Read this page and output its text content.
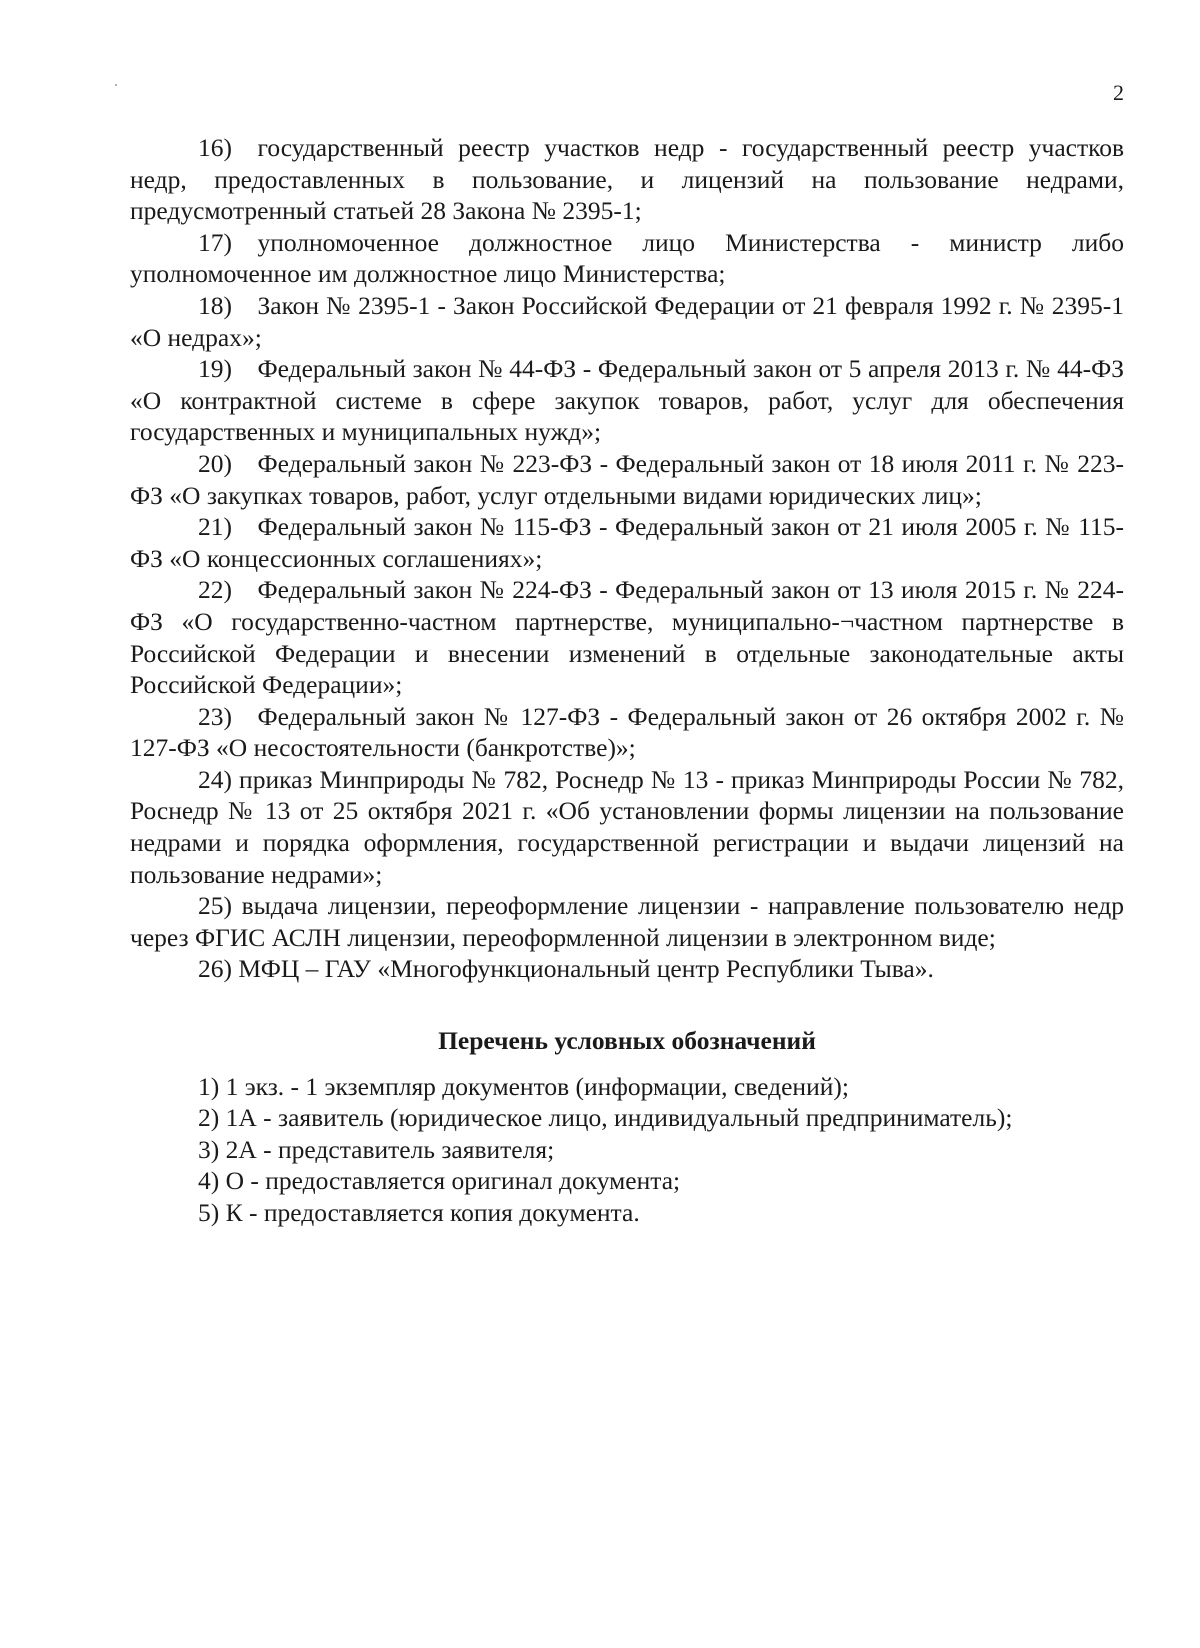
2

16) государственный реестр участков недр - государственный реестр участков недр, предоставленных в пользование, и лицензий на пользование недрами, предусмотренный статьей 28 Закона № 2395-1;

17) уполномоченное должностное лицо Министерства - министр либо уполномоченное им должностное лицо Министерства;

18) Закон № 2395-1 - Закон Российской Федерации от 21 февраля 1992 г. № 2395-1 «О недрах»;

19) Федеральный закон № 44-ФЗ - Федеральный закон от 5 апреля 2013 г. № 44-ФЗ «О контрактной системе в сфере закупок товаров, работ, услуг для обеспечения государственных и муниципальных нужд»;

20) Федеральный закон № 223-ФЗ - Федеральный закон от 18 июля 2011 г. № 223-ФЗ «О закупках товаров, работ, услуг отдельными видами юридических лиц»;

21) Федеральный закон № 115-ФЗ - Федеральный закон от 21 июля 2005 г. № 115-ФЗ «О концессионных соглашениях»;

22) Федеральный закон № 224-ФЗ - Федеральный закон от 13 июля 2015 г. № 224-ФЗ «О государственно-частном партнерстве, муниципально-¬частном партнерстве в Российской Федерации и внесении изменений в отдельные законодательные акты Российской Федерации»;

23) Федеральный закон № 127-ФЗ - Федеральный закон от 26 октября 2002 г. № 127-ФЗ «О несостоятельности (банкротстве)»;

24) приказ Минприроды № 782, Роснедр № 13 - приказ Минприроды России № 782, Роснедр № 13 от 25 октября 2021 г. «Об установлении формы лицензии на пользование недрами и порядка оформления, государственной регистрации и выдачи лицензий на пользование недрами»;

25) выдача лицензии, переоформление лицензии - направление пользователю недр через ФГИС АСЛН лицензии, переоформленной лицензии в электронном виде;

26) МФЦ – ГАУ «Многофункциональный центр Республики Тыва».

Перечень условных обозначений

1) 1 экз. - 1 экземпляр документов (информации, сведений);

2) 1А - заявитель (юридическое лицо, индивидуальный предприниматель);

3) 2А - представитель заявителя;

4) О - предоставляется оригинал документа;

5) К - предоставляется копия документа.
